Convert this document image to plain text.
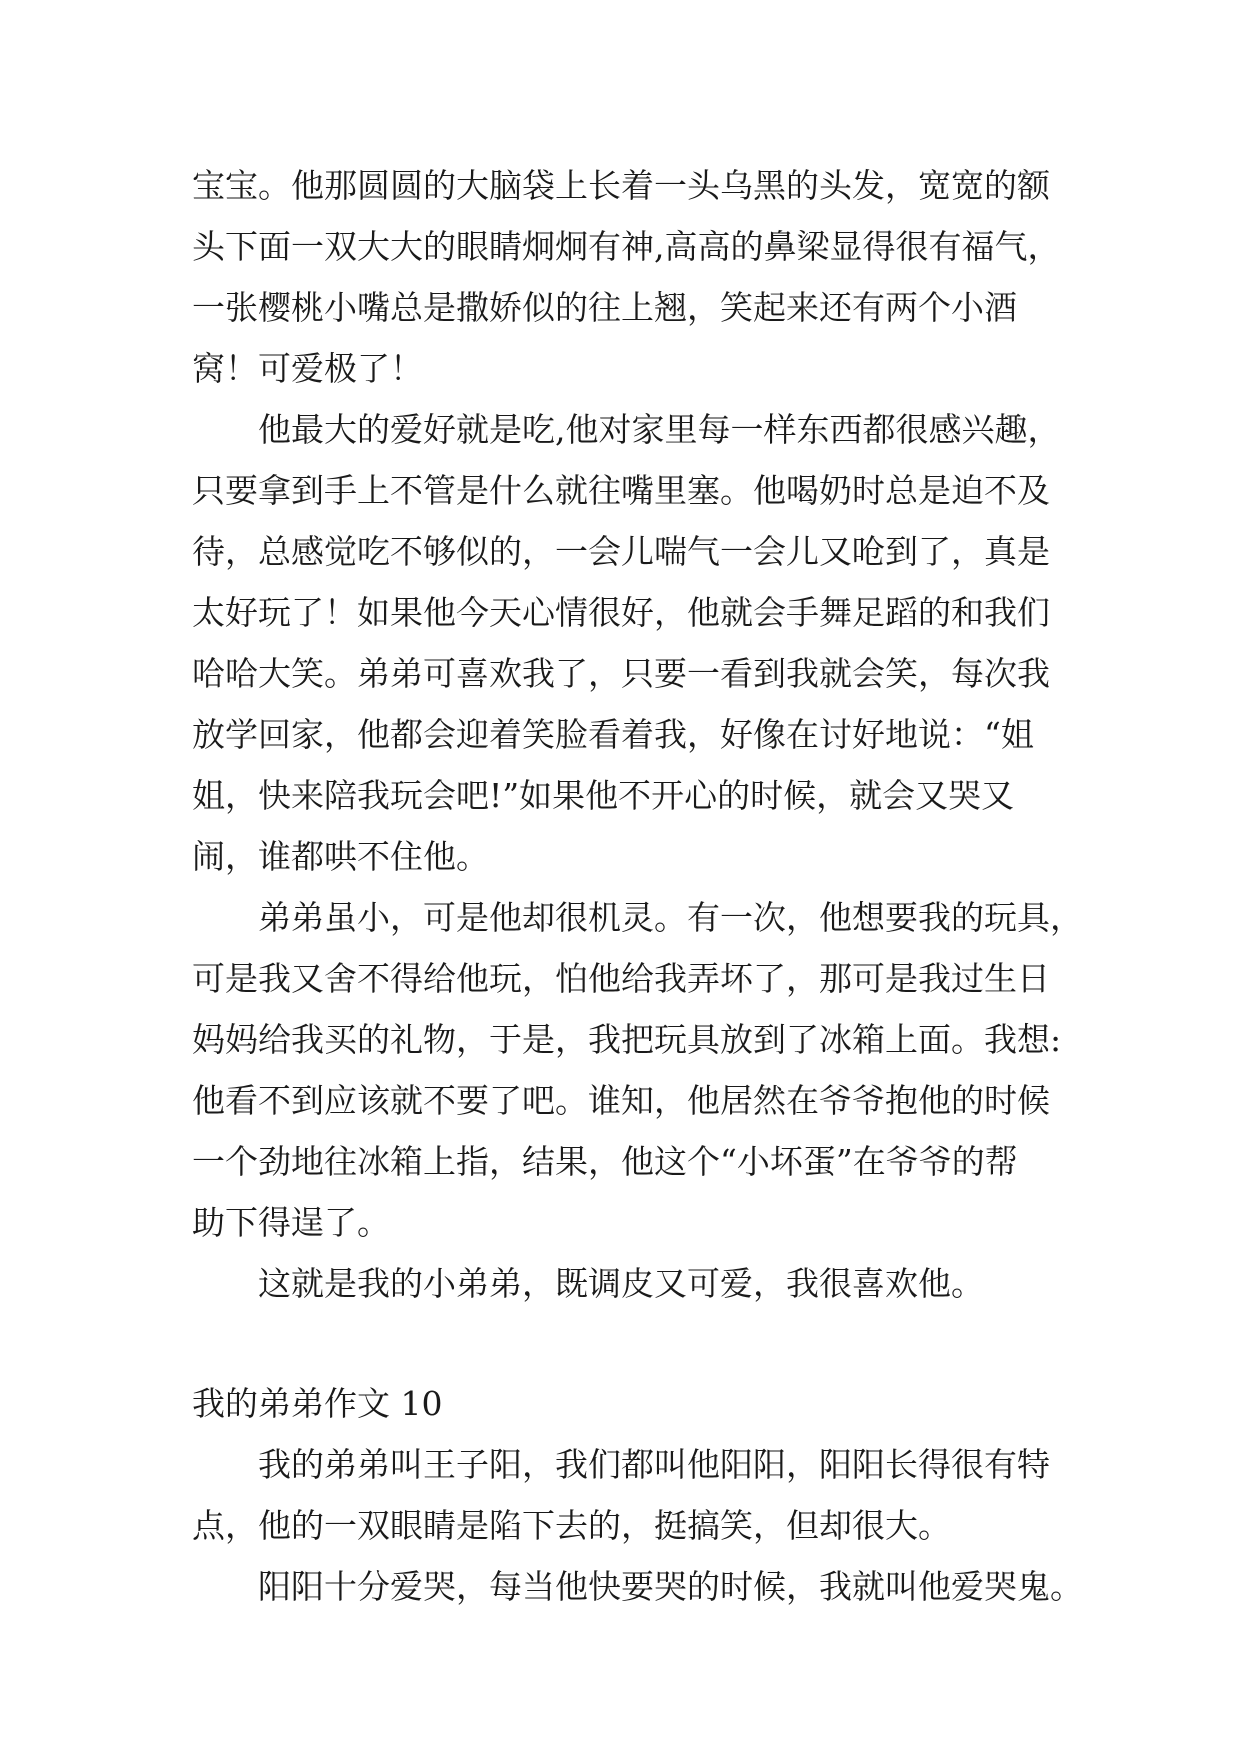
宝宝。他那圆圆的大脑袋上长着一头乌黑的头发，宽宽的额
头下面一双大大的眼睛炯炯有神,高高的鼻梁显得很有福气，
一张樱桃小嘴总是撒娇似的往上翘，笑起来还有两个小酒
窝！可爱极了！
他最大的爱好就是吃,他对家里每一样东西都很感兴趣，
只要拿到手上不管是什么就往嘴里塞。他喝奶时总是迫不及
待，总感觉吃不够似的，一会儿喘气一会儿又呛到了，真是
太好玩了！如果他今天心情很好，他就会手舞足蹈的和我们
哈哈大笑。弟弟可喜欢我了，只要一看到我就会笑，每次我
放学回家，他都会迎着笑脸看着我，好像在讨好地说：“姐
姐，快来陪我玩会吧!”如果他不开心的时候，就会又哭又
闹，谁都哄不住他。
弟弟虽小，可是他却很机灵。有一次，他想要我的玩具，
可是我又舍不得给他玩，怕他给我弄坏了，那可是我过生日
妈妈给我买的礼物，于是，我把玩具放到了冰箱上面。我想:
他看不到应该就不要了吧。谁知，他居然在爷爷抱他的时候
一个劲地往冰箱上指，结果，他这个“小坏蛋”在爷爷的帮
助下得逞了。
这就是我的小弟弟，既调皮又可爱，我很喜欢他。
我的弟弟作文 10
我的弟弟叫王子阳，我们都叫他阳阳，阳阳长得很有特
点，他的一双眼睛是陷下去的，挺搞笑，但却很大。
阳阳十分爱哭，每当他快要哭的时候，我就叫他爱哭鬼。
